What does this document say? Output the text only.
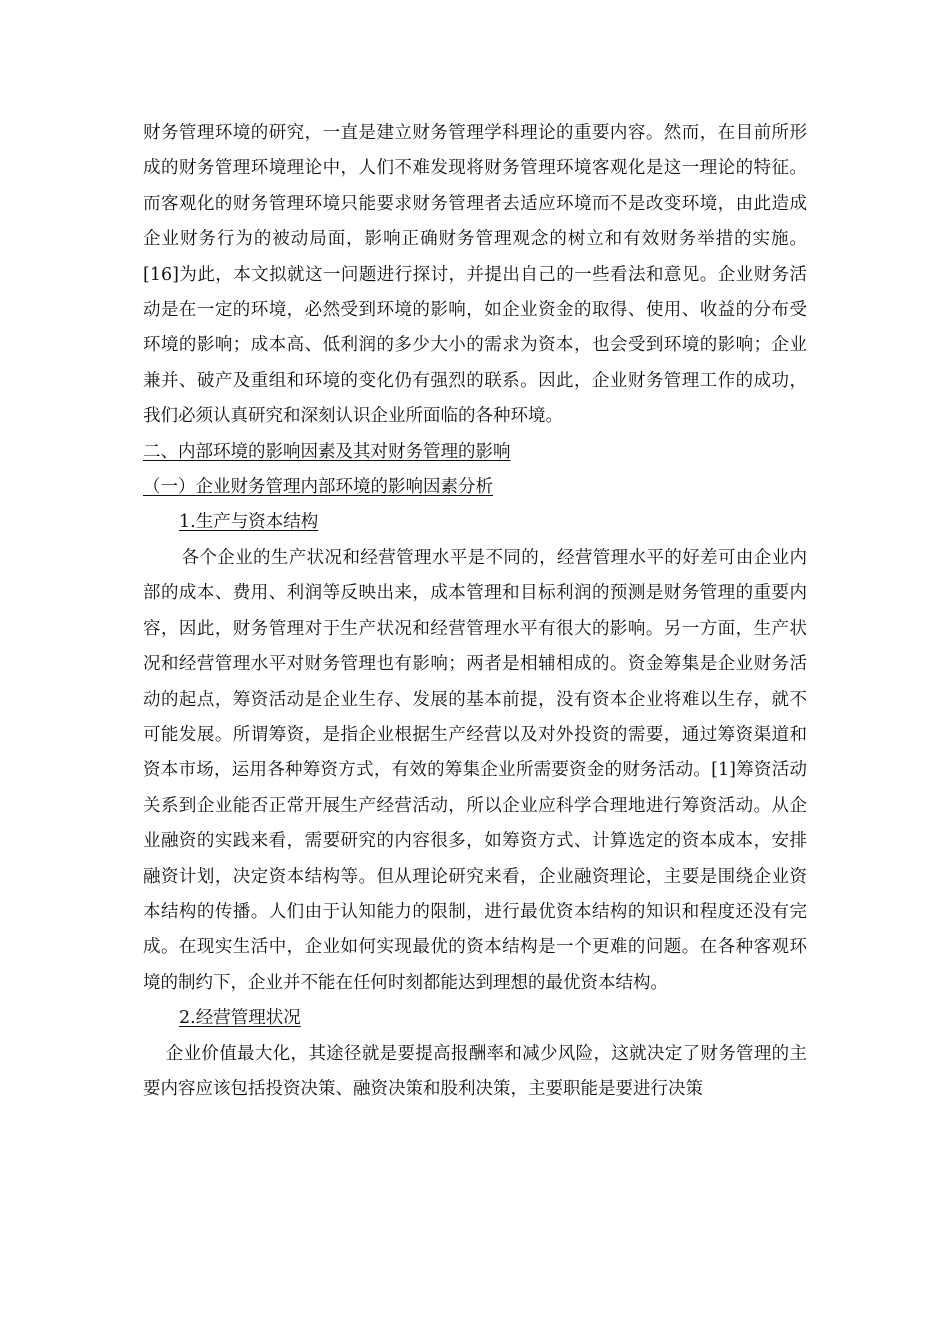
财务管理环境的研究，一直是建立财务管理学科理论的重要内容。然而，在目前所形成的财务管理环境理论中，人们不难发现将财务管理环境客观化是这一理论的特征。而客观化的财务管理环境只能要求财务管理者去适应环境而不是改变环境，由此造成企业财务行为的被动局面，影响正确财务管理观念的树立和有效财务举措的实施。[16]为此，本文拟就这一问题进行探讨，并提出自己的一些看法和意见。企业财务活动是在一定的环境，必然受到环境的影响，如企业资金的取得、使用、收益的分布受环境的影响；成本高、低利润的多少大小的需求为资本，也会受到环境的影响；企业兼并、破产及重组和环境的变化仍有强烈的联系。因此，企业财务管理工作的成功，我们必须认真研究和深刻认识企业所面临的各种环境。

二、内部环境的影响因素及其对财务管理的影响

（一）企业财务管理内部环境的影响因素分析

1.生产与资本结构

各个企业的生产状况和经营管理水平是不同的，经营管理水平的好差可由企业内部的成本、费用、利润等反映出来，成本管理和目标利润的预测是财务管理的重要内容，因此，财务管理对于生产状况和经营管理水平有很大的影响。另一方面，生产状况和经营管理水平对财务管理也有影响；两者是相辅相成的。资金筹集是企业财务活动的起点，筹资活动是企业生存、发展的基本前提，没有资本企业将难以生存，就不可能发展。所谓筹资，是指企业根据生产经营以及对外投资的需要，通过筹资渠道和资本市场，运用各种筹资方式，有效的筹集企业所需要资金的财务活动。[1]筹资活动关系到企业能否正常开展生产经营活动，所以企业应科学合理地进行筹资活动。从企业融资的实践来看，需要研究的内容很多，如筹资方式、计算选定的资本成本，安排融资计划，决定资本结构等。但从理论研究来看，企业融资理论，主要是围绕企业资本结构的传播。人们由于认知能力的限制，进行最优资本结构的知识和程度还没有完成。在现实生活中，企业如何实现最优的资本结构是一个更难的问题。在各种客观环境的制约下，企业并不能在任何时刻都能达到理想的最优资本结构。

2.经营管理状况

企业价值最大化，其途径就是要提高报酬率和减少风险，这就决定了财务管理的主要内容应该包括投资决策、融资决策和股利决策，主要职能是要进行决策
